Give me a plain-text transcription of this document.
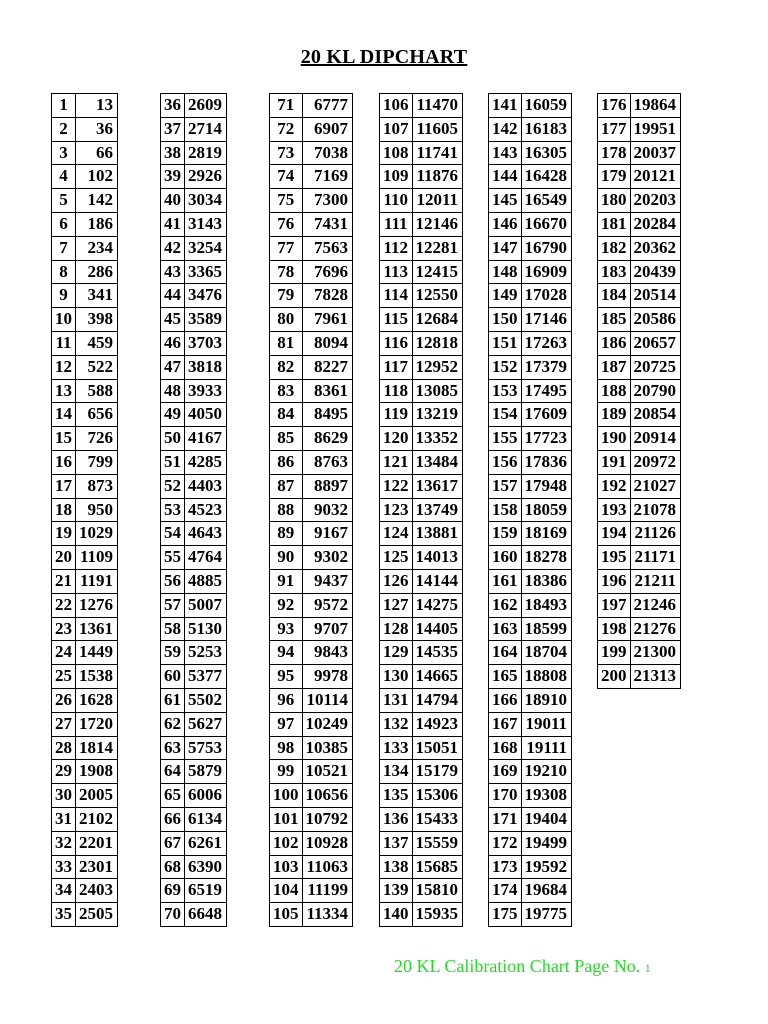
20 KL DIPCHART
1	13
2	36
3	66
4	102
5	142
6	186
7	234
8	286
9	341
10	398
11	459
12	522
13	588
14	656
15	726
16	799
17	873
18	950
19	1029
20	1109
21	1191
22	1276
23	1361
24	1449
25	1538
26	1628
27	1720
28	1814
29	1908
30	2005
31	2102
32	2201
33	2301
34	2403
35	2505
36	2609
37	2714
38	2819
39	2926
40	3034
41	3143
42	3254
43	3365
44	3476
45	3589
46	3703
47	3818
48	3933
49	4050
50	4167
51	4285
52	4403
53	4523
54	4643
55	4764
56	4885
57	5007
58	5130
59	5253
60	5377
61	5502
62	5627
63	5753
64	5879
65	6006
66	6134
67	6261
68	6390
69	6519
70	6648
71	6777
72	6907
73	7038
74	7169
75	7300
76	7431
77	7563
78	7696
79	7828
80	7961
81	8094
82	8227
83	8361
84	8495
85	8629
86	8763
87	8897
88	9032
89	9167
90	9302
91	9437
92	9572
93	9707
94	9843
95	9978
96	10114
97	10249
98	10385
99	10521
100	10656
101	10792
102	10928
103	11063
104	11199
105	11334
106	11470
107	11605
108	11741
109	11876
110	12011
111	12146
112	12281
113	12415
114	12550
115	12684
116	12818
117	12952
118	13085
119	13219
120	13352
121	13484
122	13617
123	13749
124	13881
125	14013
126	14144
127	14275
128	14405
129	14535
130	14665
131	14794
132	14923
133	15051
134	15179
135	15306
136	15433
137	15559
138	15685
139	15810
140	15935
141	16059
142	16183
143	16305
144	16428
145	16549
146	16670
147	16790
148	16909
149	17028
150	17146
151	17263
152	17379
153	17495
154	17609
155	17723
156	17836
157	17948
158	18059
159	18169
160	18278
161	18386
162	18493
163	18599
164	18704
165	18808
166	18910
167	19011
168	19111
169	19210
170	19308
171	19404
172	19499
173	19592
174	19684
175	19775
176	19864
177	19951
178	20037
179	20121
180	20203
181	20284
182	20362
183	20439
184	20514
185	20586
186	20657
187	20725
188	20790
189	20854
190	20914
191	20972
192	21027
193	21078
194	21126
195	21171
196	21211
197	21246
198	21276
199	21300
200	21313
20 KL Calibration Chart Page No. 1
